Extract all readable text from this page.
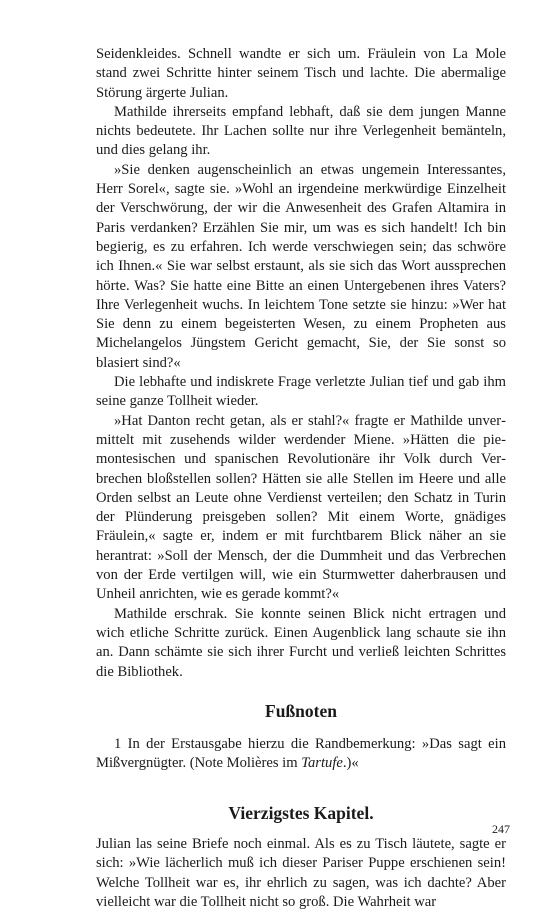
Seidenkleides. Schnell wandte er sich um. Fräulein von La Mole stand zwei Schritte hinter seinem Tisch und lachte. Die abermalige Störung ärgerte Julian.

Mathilde ihrerseits empfand lebhaft, daß sie dem jungen Manne nichts bedeutete. Ihr Lachen sollte nur ihre Verlegenheit bemänteln, und dies gelang ihr.

»Sie denken augenscheinlich an etwas ungemein Interessantes, Herr Sorel«, sagte sie. »Wohl an irgendeine merkwürdige Einzelheit der Verschwörung, der wir die Anwesenheit des Grafen Altamira in Paris verdanken? Erzählen Sie mir, um was es sich handelt! Ich bin begierig, es zu erfahren. Ich werde verschwiegen sein; das schwöre ich Ihnen.« Sie war selbst erstaunt, als sie sich das Wort aussprechen hörte. Was? Sie hatte eine Bitte an einen Untergebenen ihres Vaters? Ihre Verlegenheit wuchs. In leichtem Tone setzte sie hinzu: »Wer hat Sie denn zu einem begeisterten Wesen, zu einem Propheten aus Michelangelos Jüngstem Gericht gemacht, Sie, der Sie sonst so blasiert sind?«

Die lebhafte und indiskrete Frage verletzte Julian tief und gab ihm seine ganze Tollheit wieder.

»Hat Danton recht getan, als er stahl?« fragte er Mathilde unvermittelt mit zusehends wilder werdender Miene. »Hätten die piemontesischen und spanischen Revolutionäre ihr Volk durch Verbrechen bloßstellen sollen? Hätten sie alle Stellen im Heere und alle Orden selbst an Leute ohne Verdienst verteilen; den Schatz in Turin der Plünderung preisgeben sollen? Mit einem Worte, gnädiges Fräulein,« sagte er, indem er mit furchtbarem Blick näher an sie herantrat: »Soll der Mensch, der die Dummheit und das Verbrechen von der Erde vertilgen will, wie ein Sturmwetter daherbrausen und Unheil anrichten, wie es gerade kommt?«

Mathilde erschrak. Sie konnte seinen Blick nicht ertragen und wich etliche Schritte zurück. Einen Augenblick lang schaute sie ihn an. Dann schämte sie sich ihrer Furcht und verließ leichten Schrittes die Bibliothek.

Fußnoten

1 In der Erstausgabe hierzu die Randbemerkung: »Das sagt ein Mißvergnügter. (Note Molières im Tartufe.)«

Vierzigstes Kapitel.

Julian las seine Briefe noch einmal. Als es zu Tisch läutete, sagte er sich: »Wie lächerlich muß ich dieser Pariser Puppe erschienen sein! Welche Tollheit war es, ihr ehrlich zu sagen, was ich dachte? Aber vielleicht war die Tollheit nicht so groß. Die Wahrheit war

247
